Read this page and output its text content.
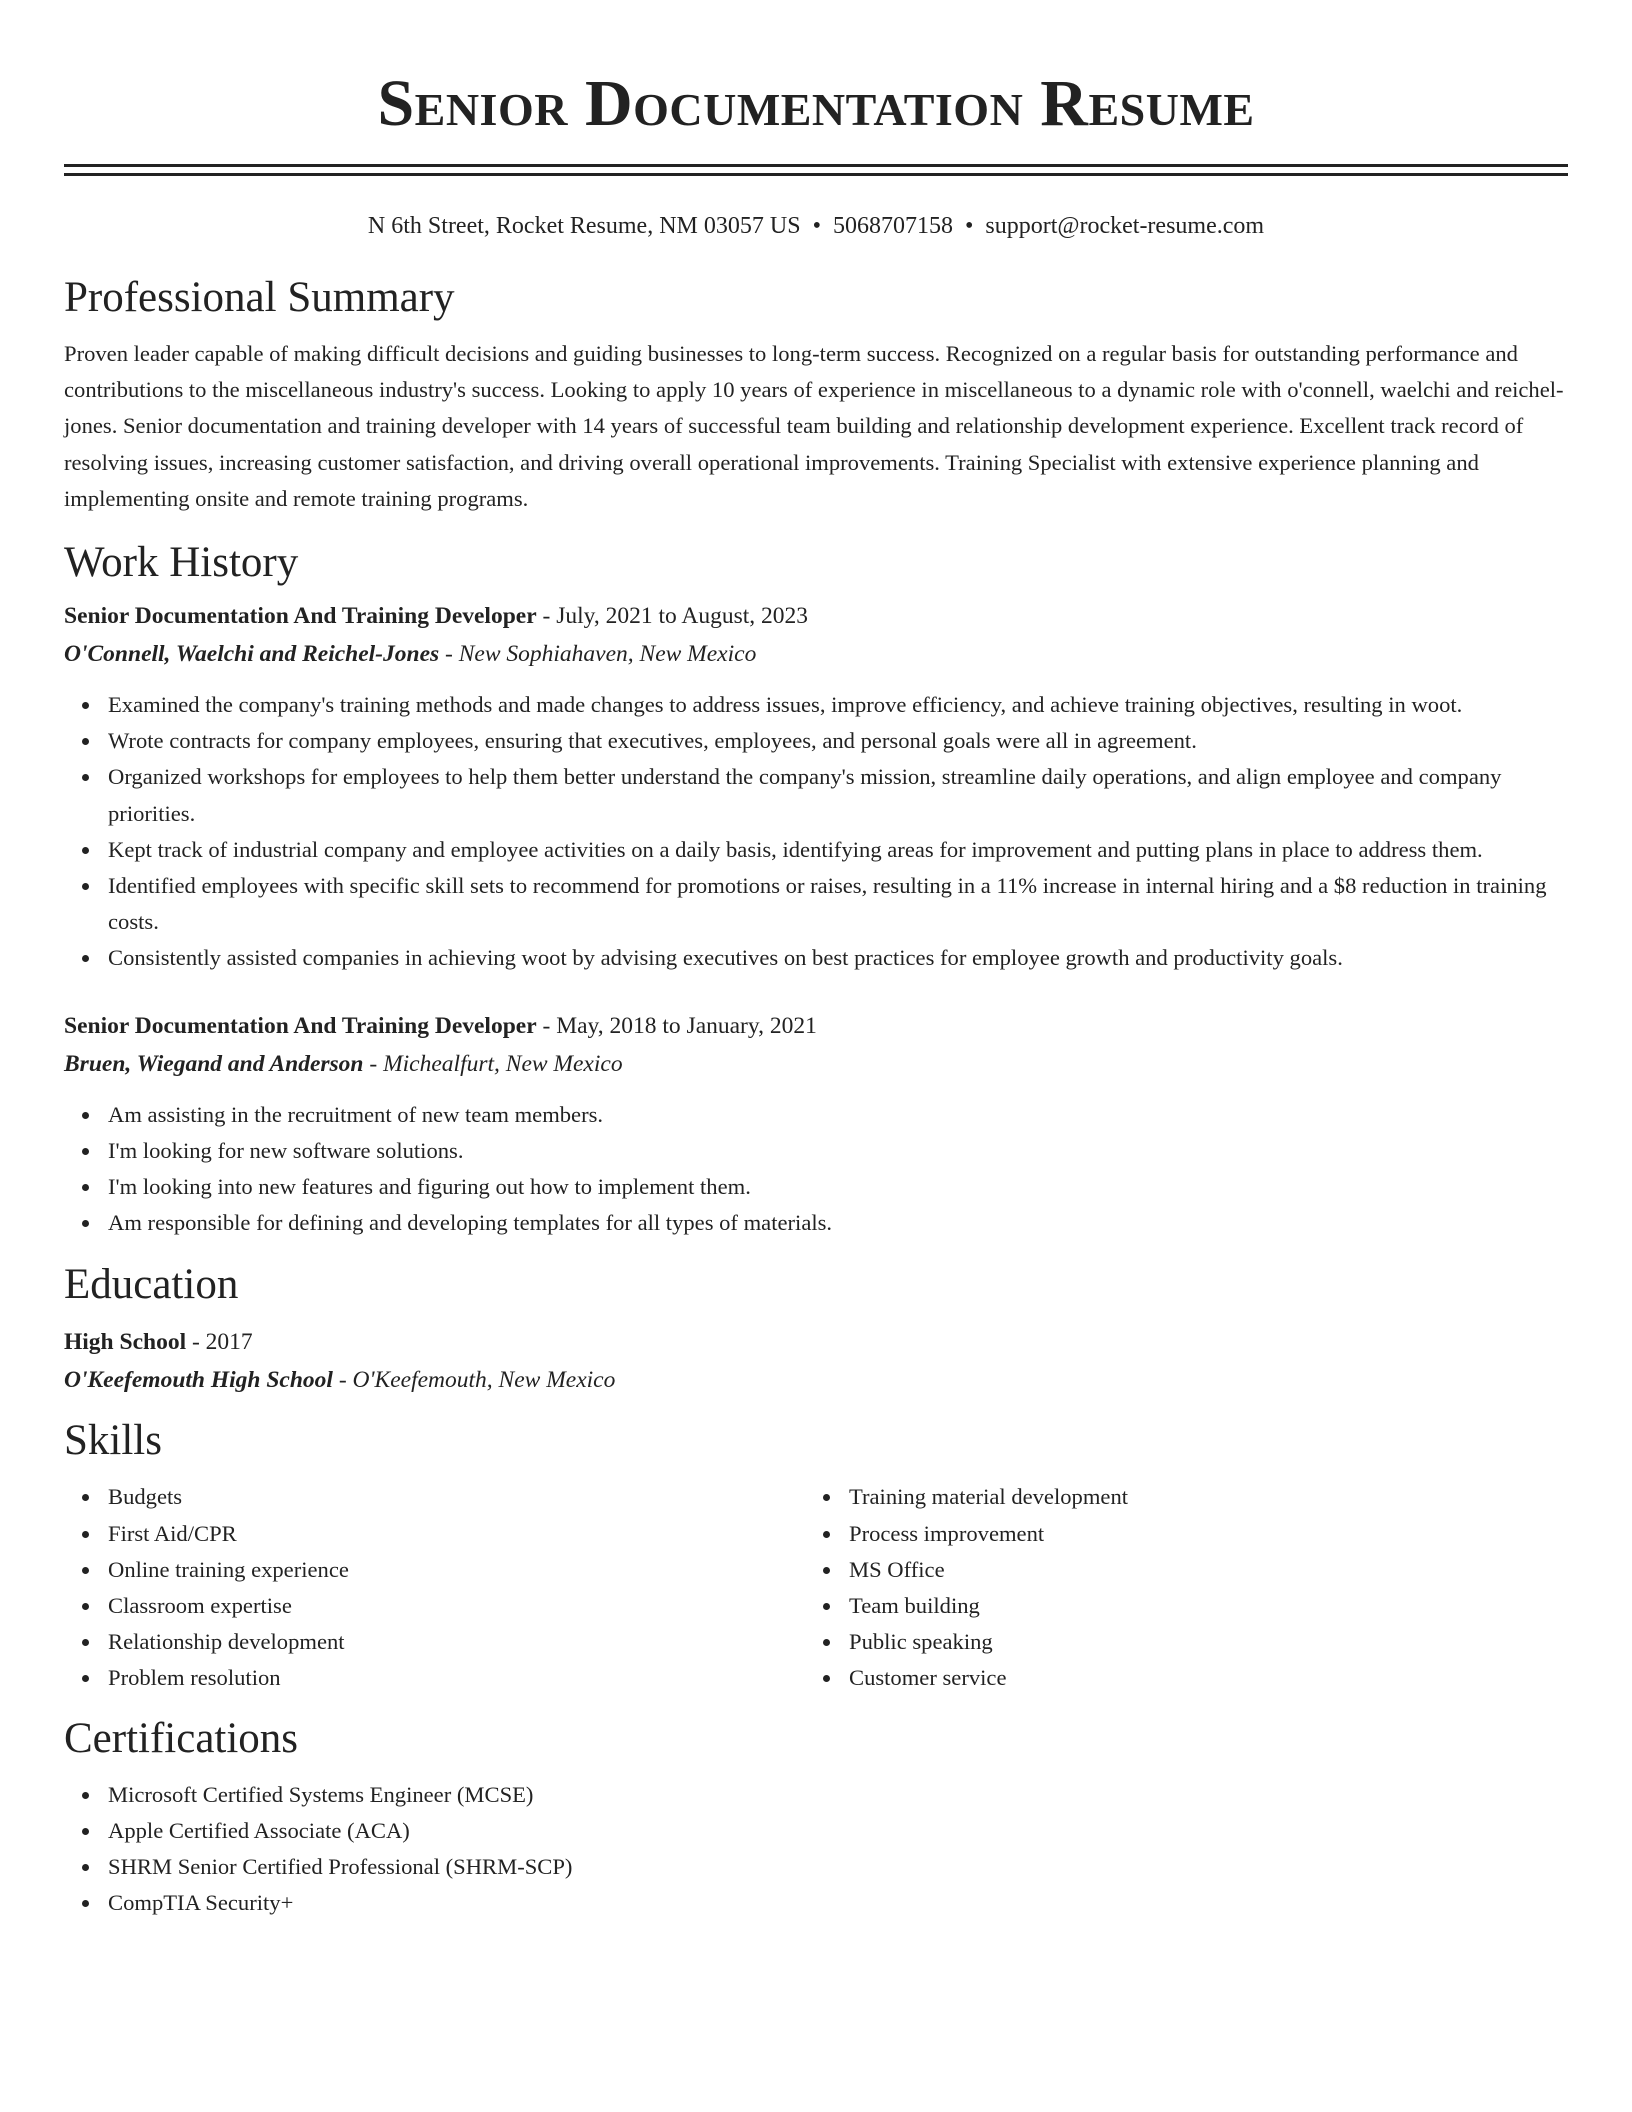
Senior Documentation Resume
N 6th Street, Rocket Resume, NM 03057 US • 5068707158 • support@rocket-resume.com
Professional Summary

Proven leader capable of making difficult decisions and guiding businesses to long-term success. Recognized on a regular basis for outstanding performance and contributions to the miscellaneous industry's success. Looking to apply 10 years of experience in miscellaneous to a dynamic role with o'connell, waelchi and reichel-jones. Senior documentation and training developer with 14 years of successful team building and relationship development experience. Excellent track record of resolving issues, increasing customer satisfaction, and driving overall operational improvements. Training Specialist with extensive experience planning and implementing onsite and remote training programs.

Work History
Senior Documentation And Training Developer - July, 2021 to August, 2023
O'Connell, Waelchi and Reichel-Jones - New Sophiahaven, New Mexico
Examined the company's training methods and made changes to address issues, improve efficiency, and achieve training objectives, resulting in woot.
Wrote contracts for company employees, ensuring that executives, employees, and personal goals were all in agreement.
Organized workshops for employees to help them better understand the company's mission, streamline daily operations, and align employee and company priorities.
Kept track of industrial company and employee activities on a daily basis, identifying areas for improvement and putting plans in place to address them.
Identified employees with specific skill sets to recommend for promotions or raises, resulting in a 11% increase in internal hiring and a $8 reduction in training costs.
Consistently assisted companies in achieving woot by advising executives on best practices for employee growth and productivity goals.
Senior Documentation And Training Developer - May, 2018 to January, 2021
Bruen, Wiegand and Anderson - Michealfurt, New Mexico
Am assisting in the recruitment of new team members.
I'm looking for new software solutions.
I'm looking into new features and figuring out how to implement them.
Am responsible for defining and developing templates for all types of materials.
Education
High School - 2017
O'Keefemouth High School - O'Keefemouth, New Mexico
Skills
Budgets
First Aid/CPR
Online training experience
Classroom expertise
Relationship development
Problem resolution
Training material development
Process improvement
MS Office
Team building
Public speaking
Customer service
Certifications
Microsoft Certified Systems Engineer (MCSE)
Apple Certified Associate (ACA)
SHRM Senior Certified Professional (SHRM-SCP)
CompTIA Security+
